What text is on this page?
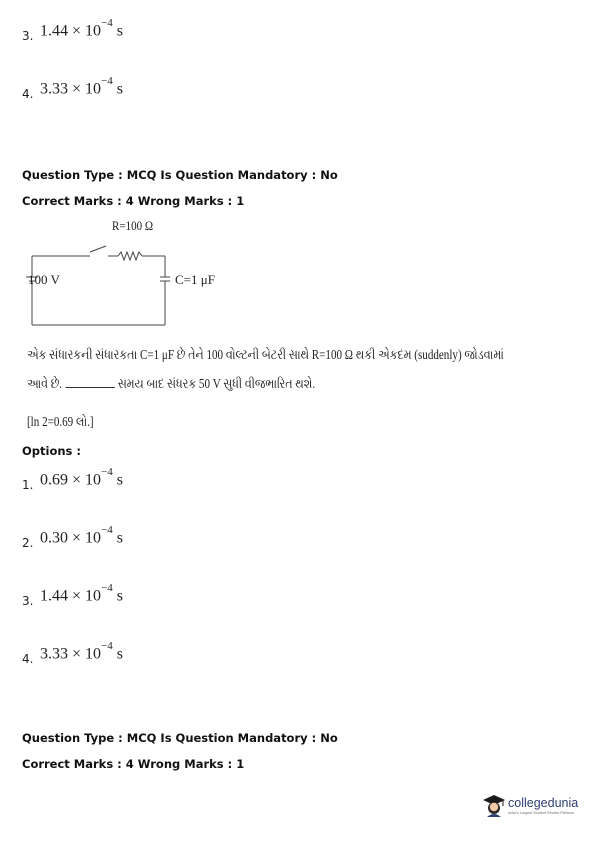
3. $1.44 \times 10^{-4}$ s
4. $3.33 \times 10^{-4}$ s
Question Type : MCQ Is Question Mandatory : No
Correct Marks : 4 Wrong Marks : 1
R=100 Ω
100 V	C=1 μF
એક સંધારકની સંધારકતા C=1 μF છે તેને 100 વોલ્ટની બેટરી સાથે R=100 Ω થકી એકદમ (suddenly) જોડવામાં
આવે છે.	સમય બાદ સંધરક 50 V સુધી વીજભારિત થશે.
[ln 2=0.69 લો.]
Options :
1. $0.69 \times 10^{-4}$ s
2. $0.30 \times 10^{-4}$ s
3. $1.44 \times 10^{-4}$ s
4. $3.33 \times 10^{-4}$ s
Question Type : MCQ Is Question Mandatory : No
Correct Marks : 4 Wrong Marks : 1
collegedunia
India's Largest Student Review Platform
